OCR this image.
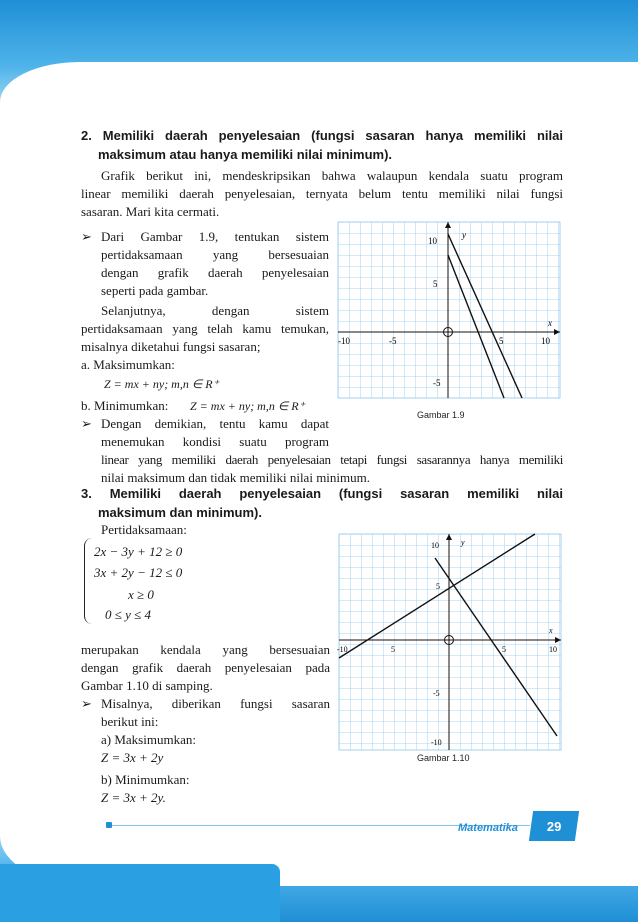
2. Memiliki daerah penyelesaian (fungsi sasaran hanya memiliki nilai
maksimum atau hanya memiliki nilai minimum).
Grafik berikut ini, mendeskripsikan bahwa walaupun kendala suatu program
linear memiliki daerah penyelesaian, ternyata belum tentu memiliki nilai fungsi
sasaran. Mari kita cermati.
➢ Dari Gambar 1.9, tentukan sistem
pertidaksamaan yang bersesuaian
dengan grafik daerah penyelesaian
seperti pada gambar.
Selanjutnya, dengan sistem
pertidaksamaan yang telah kamu temukan,
misalnya diketahui fungsi sasaran;
a. Maksimumkan:
Z = mx + ny; m,n ∈ R⁺
b. Minimumkan: Z = mx + ny; m,n ∈ R⁺
➢ Dengan demikian, tentu kamu dapat
menemukan kondisi suatu program
linear yang memiliki daerah penyelesaian tetapi fungsi sasarannya hanya memiliki
nilai maksimum dan tidak memiliki nilai minimum.
-10	-5	5	10
10
5
-5
y
x
Gambar 1.9
3. Memiliki daerah penyelesaian (fungsi sasaran memiliki nilai
maksimum dan minimum).
Pertidaksamaan:
2x − 3y + 12 ≥ 0
3x + 2y − 12 ≤ 0
x ≥ 0
0 ≤ y ≤ 4
merupakan kendala yang bersesuaian
dengan grafik daerah penyelesaian pada
Gambar 1.10 di samping.
➢ Misalnya, diberikan fungsi sasaran
berikut ini:
a) Maksimumkan:
Z = 3x + 2y
b) Minimumkan:
Z = 3x + 2y.
-10	5	5	10
10
5
-5
-10
y
x
Gambar 1.10
Matematika 29
